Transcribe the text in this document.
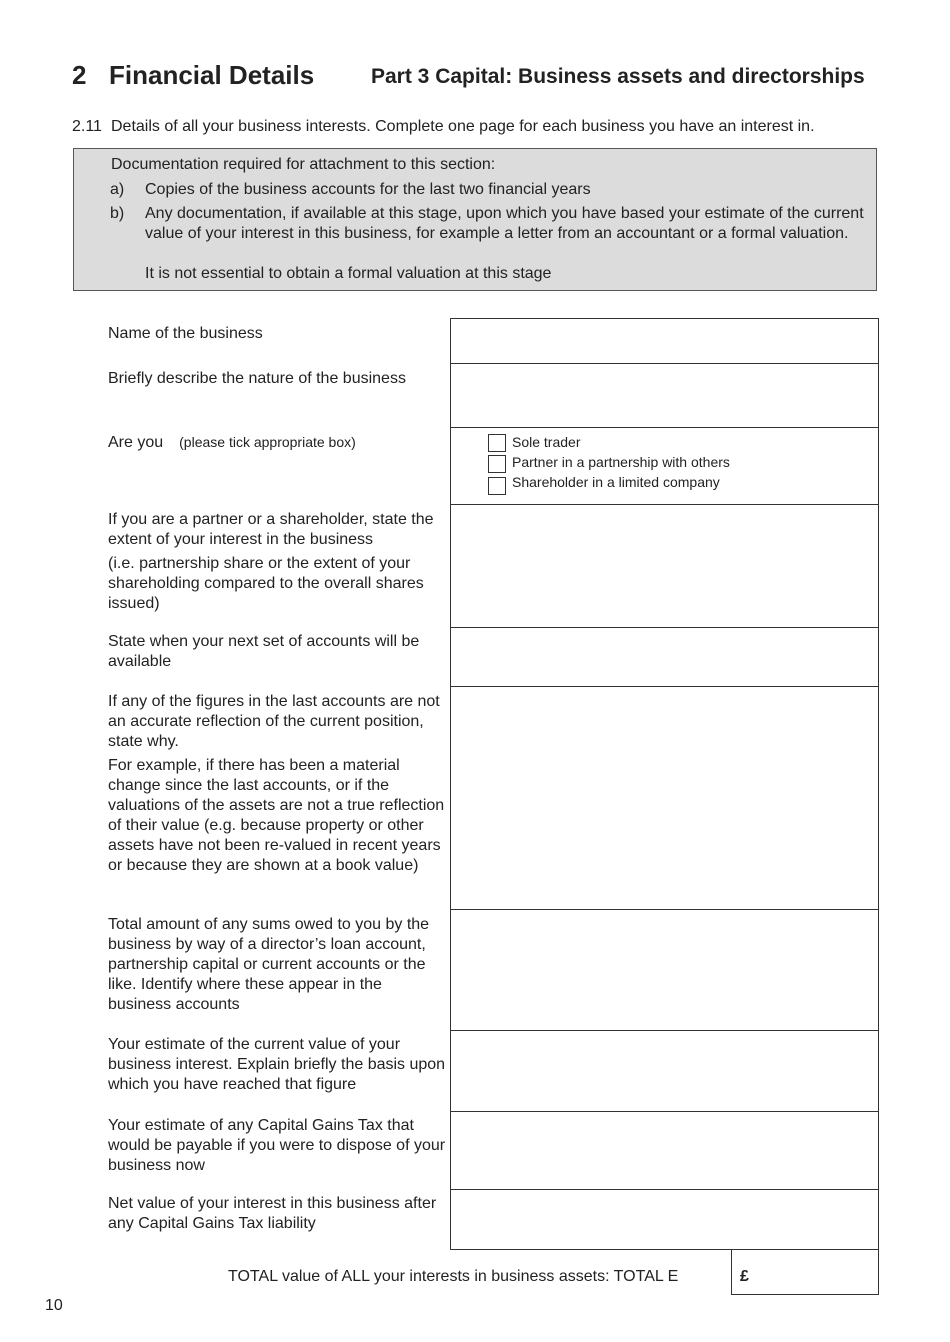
2 Financial Details	Part 3 Capital: Business assets and directorships
2.11 Details of all your business interests. Complete one page for each business you have an interest in.
Documentation required for attachment to this section:
a) Copies of the business accounts for the last two financial years
b) Any documentation, if available at this stage, upon which you have based your estimate of the current value of your interest in this business, for example a letter from an accountant or a formal valuation.
It is not essential to obtain a formal valuation at this stage

Name of the business

Briefly describe the nature of the business

Are you (please tick appropriate box)

If you are a partner or a shareholder, state the extent of your interest in the business

(i.e. partnership share or the extent of your shareholding compared to the overall shares issued)

State when your next set of accounts will be available

If any of the figures in the last accounts are not an accurate reflection of the current position, state why.

For example, if there has been a material change since the last accounts, or if the valuations of the assets are not a true reflection of their value (e.g. because property or other assets have not been re-valued in recent years or because they are shown at a book value)

Total amount of any sums owed to you by the business by way of a director’s loan account, partnership capital or current accounts or the like. Identify where these appear in the business accounts

Your estimate of the current value of your business interest. Explain briefly the basis upon which you have reached that figure

Your estimate of any Capital Gains Tax that would be payable if you were to dispose of your business now

Net value of your interest in this business after any Capital Gains Tax liability

Sole trader
Partner in a partnership with others
Shareholder in a limited company
TOTAL value of ALL your interests in business assets: TOTAL E	£
10
